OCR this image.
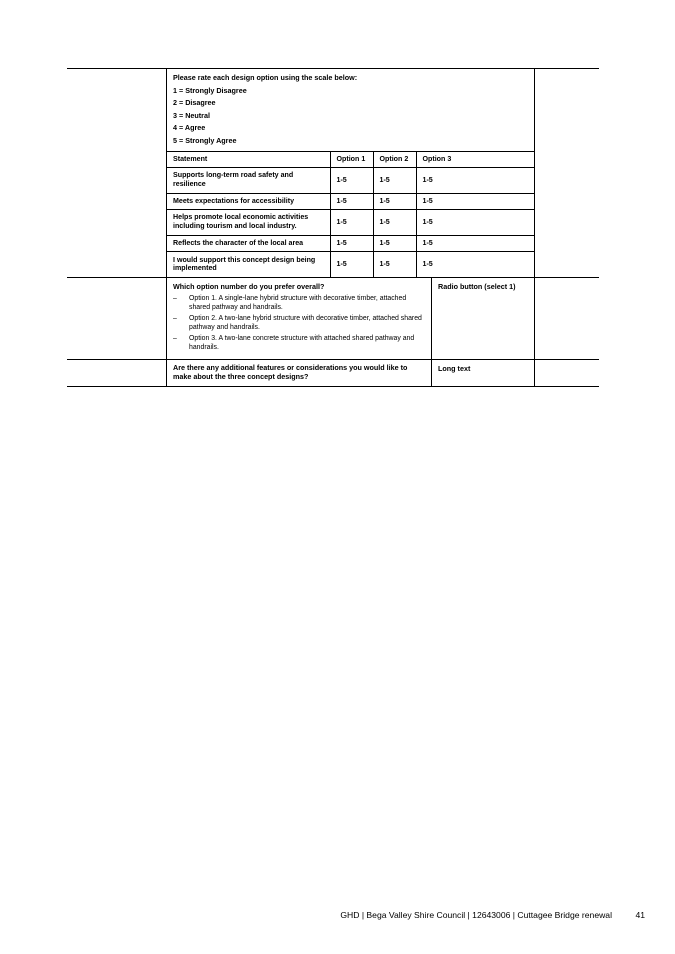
Please rate each design option using the scale below:
1 = Strongly Disagree
2 = Disagree
3 = Neutral
4 = Agree
5 = Strongly Agree
Statement	Option 1	Option 2	Option 3
Supports long-term road safety and resilience	1-5	1-5	1-5
Meets expectations for accessibility	1-5	1-5	1-5
Helps promote local economic activities including tourism and local industry.	1-5	1-5	1-5
Reflects the character of the local area	1-5	1-5	1-5
I would support this concept design being implemented	1-5	1-5	1-5
Which option number do you prefer overall?
– Option 1. A single-lane hybrid structure with decorative timber, attached shared pathway and handrails.
– Option 2. A two-lane hybrid structure with decorative timber, attached shared pathway and handrails.
– Option 3. A two-lane concrete structure with attached shared pathway and handrails.
Radio button (select 1)
Are there any additional features or considerations you would like to make about the three concept designs?
Long text
GHD | Bega Valley Shire Council | 12643006 | Cuttagee Bridge renewal	41
